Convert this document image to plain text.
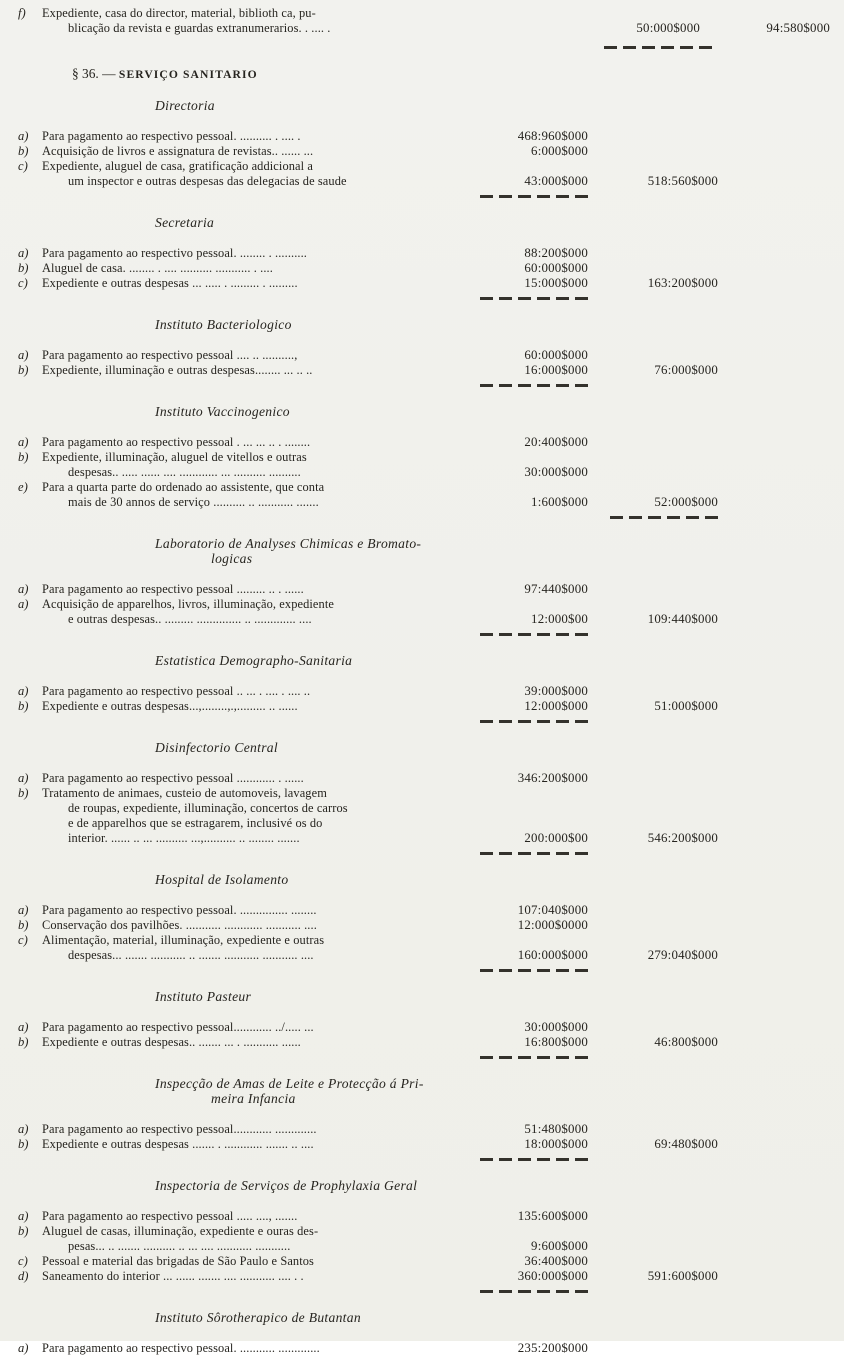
f)	Expediente, casa do director, material, biblioth ca, pu-
blicação da revista e guardas extranumerarios. . .... .	50:000$000	94:580$000
§ 36. — SERVIÇO SANITARIO
Directoria
a)	Para pagamento ao respectivo pessoal. .......... . .... .	468:960$000
b)	Acquisição de livros e assignatura de revistas.. ...... ...	6:000$000
c)	Expediente, aluguel de casa, gratificação addicional a
um inspector e outras despesas das delegacias de saude	43:000$000	518:560$000
Secretaria
a)	Para pagamento ao respectivo pessoal. ........ . ..........	88:200$000
b)	Aluguel de casa. ........ . .... .......... ........... . ....	60:000$000
c)	Expediente e outras despesas ... ..... . ......... . .........	15:000$000	163:200$000
Instituto Bacteriologico
a)	Para pagamento ao respectivo pessoal .... .. ..........,	60:000$000
b)	Expediente, illuminação e outras despesas........ ... .. ..	16:000$000	76:000$000
Instituto Vaccinogenico
a)	Para pagamento ao respectivo pessoal . ... ... .. . ........	20:400$000
b)	Expediente, illuminação, aluguel de vitellos e outras
despesas.. ..... ...... .... ............ ... .......... ..........	30:000$000
e)	Para a quarta parte do ordenado ao assistente, que conta
mais de 30 annos de serviço .......... .. ........... .......	1:600$000	52:000$000
Laboratorio de Analyses Chimicas e Bromato-
logicas
a)	Para pagamento ao respectivo pessoal ......... .. . ......	97:440$000
a)	Acquisição de apparelhos, livros, illuminação, expediente
e outras despesas.. ......... .............. .. ............. ....	12:000$00	109:440$000
Estatistica Demographo-Sanitaria
a)	Para pagamento ao respectivo pessoal .. ... . .... . .... ..	39:000$000
b)	Expediente e outras despesas...,........,.,......... .. ......	12:000$000	51:000$000
Disinfectorio Central
a)	Para pagamento ao respectivo pessoal ............ . ......	346:200$000
b)	Tratamento de animaes, custeio de automoveis, lavagem
de roupas, expediente, illuminação, concertos de carros
e de apparelhos que se estragarem, inclusivé os do
interior. ...... .. ... .......... ...,.......... .. ........ .......	200:000$00	546:200$000
Hospital de Isolamento
a)	Para pagamento ao respectivo pessoal. ............... ........	107:040$000
b)	Conservação dos pavilhões. ........... ............ ........... ....	12:000$0000
c)	Alimentação, material, illuminação, expediente e outras
despesas... ....... ........... .. ....... ........... ........... ....	160:000$000	279:040$000
Instituto Pasteur
a)	Para pagamento ao respectivo pessoal............ ../..... ...	30:000$000
b)	Expediente e outras despesas.. ....... ... . ........... ......	16:800$000	46:800$000
Inspecção de Amas de Leite e Protecção á Pri-
meira Infancia
a)	Para pagamento ao respectivo pessoal............ .............	51:480$000
b)	Expediente e outras despesas ....... . ............ ....... .. ....	18:000$000	69:480$000
Inspectoria de Serviços de Prophylaxia Geral
a)	Para pagamento ao respectivo pessoal ..... ...., .......	135:600$000
b)	Aluguel de casas, illuminação, expediente e ouras des-
pesas... .. ....... .......... .. ... .... ........... ...........	9:600$000
c)	Pessoal e material das brigadas de São Paulo e Santos	36:400$000
d)	Saneamento do interior ... ...... ....... .... ........... .... . .	360:000$000	591:600$000
Instituto Sôrotherapico de Butantan
a)	Para pagamento ao respectivo pessoal. ........... .............	235:200$000
